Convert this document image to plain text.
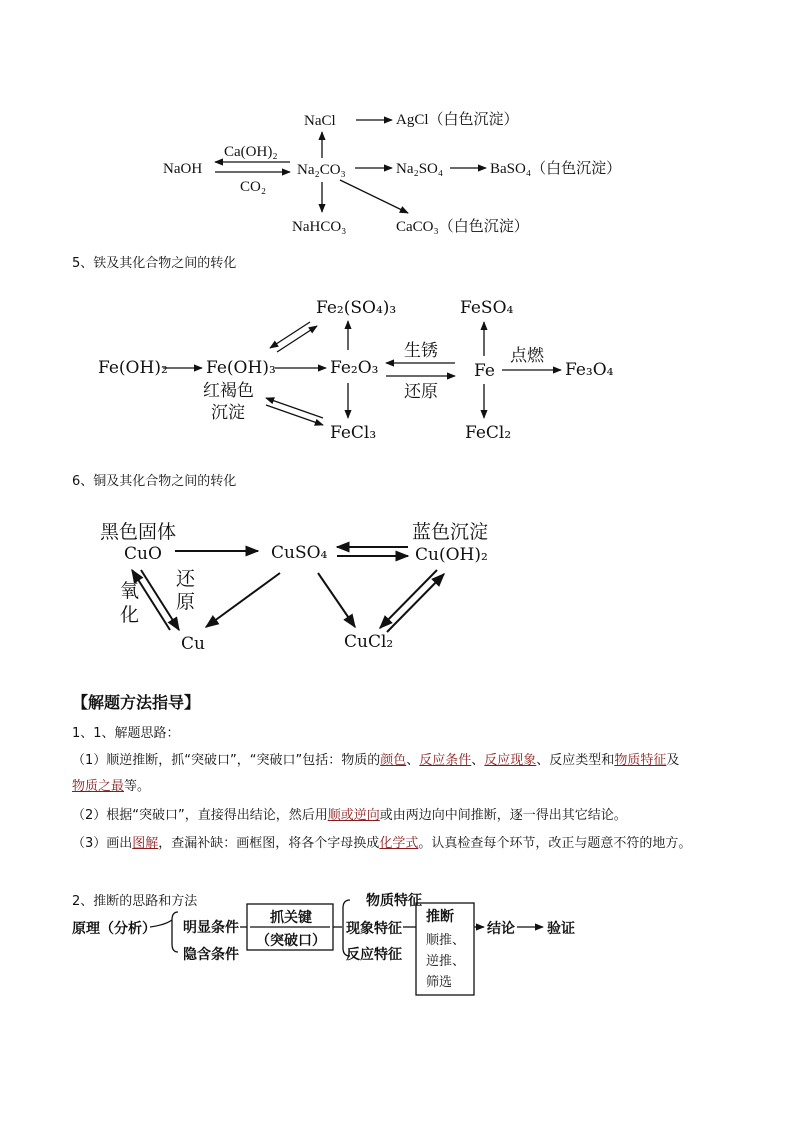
NaCl	AgCl（白色沉淀）
Ca(OH)₂
NaOH	Na₂CO₃	Na₂SO₄	BaSO₄（白色沉淀）
CO₂
NaHCO₃	CaCO₃（白色沉淀）
Fe₂(SO₄)₃	FeSO₄
Fe(OH)₂ Fe(OH)₃	Fe₂O₃	Fe	Fe₃O₄
生锈	点燃
还原
红褐色
沉淀
FeCl₃	FeCl₂
黑色固体
CuO	CuSO₄
蓝色沉淀
Cu(OH)₂
氧
化
还
原
Cu	CuCl₂
5、铁及其化合物之间的转化
6、铜及其化合物之间的转化
【解题方法指导】
1、1、解题思路：
（1）顺逆推断，抓“突破口”，“突破口”包括：物质的颜色、反应条件、反应现象、反应类型和物质特征及
物质之最等。
（2）根据“突破口”，直接得出结论，然后用顺或逆向或由两边向中间推断，逐一得出其它结论。
（3）画出图解，查漏补缺：画框图，将各个字母换成化学式。认真检查每个环节，改正与题意不符的地方。
2、推断的思路和方法
原理（分析） 明显条件
隐含条件
抓关键
（突破口）
物质特征
现象特征
反应特征
推断
顺推、
逆推、
筛选
结论 验证
